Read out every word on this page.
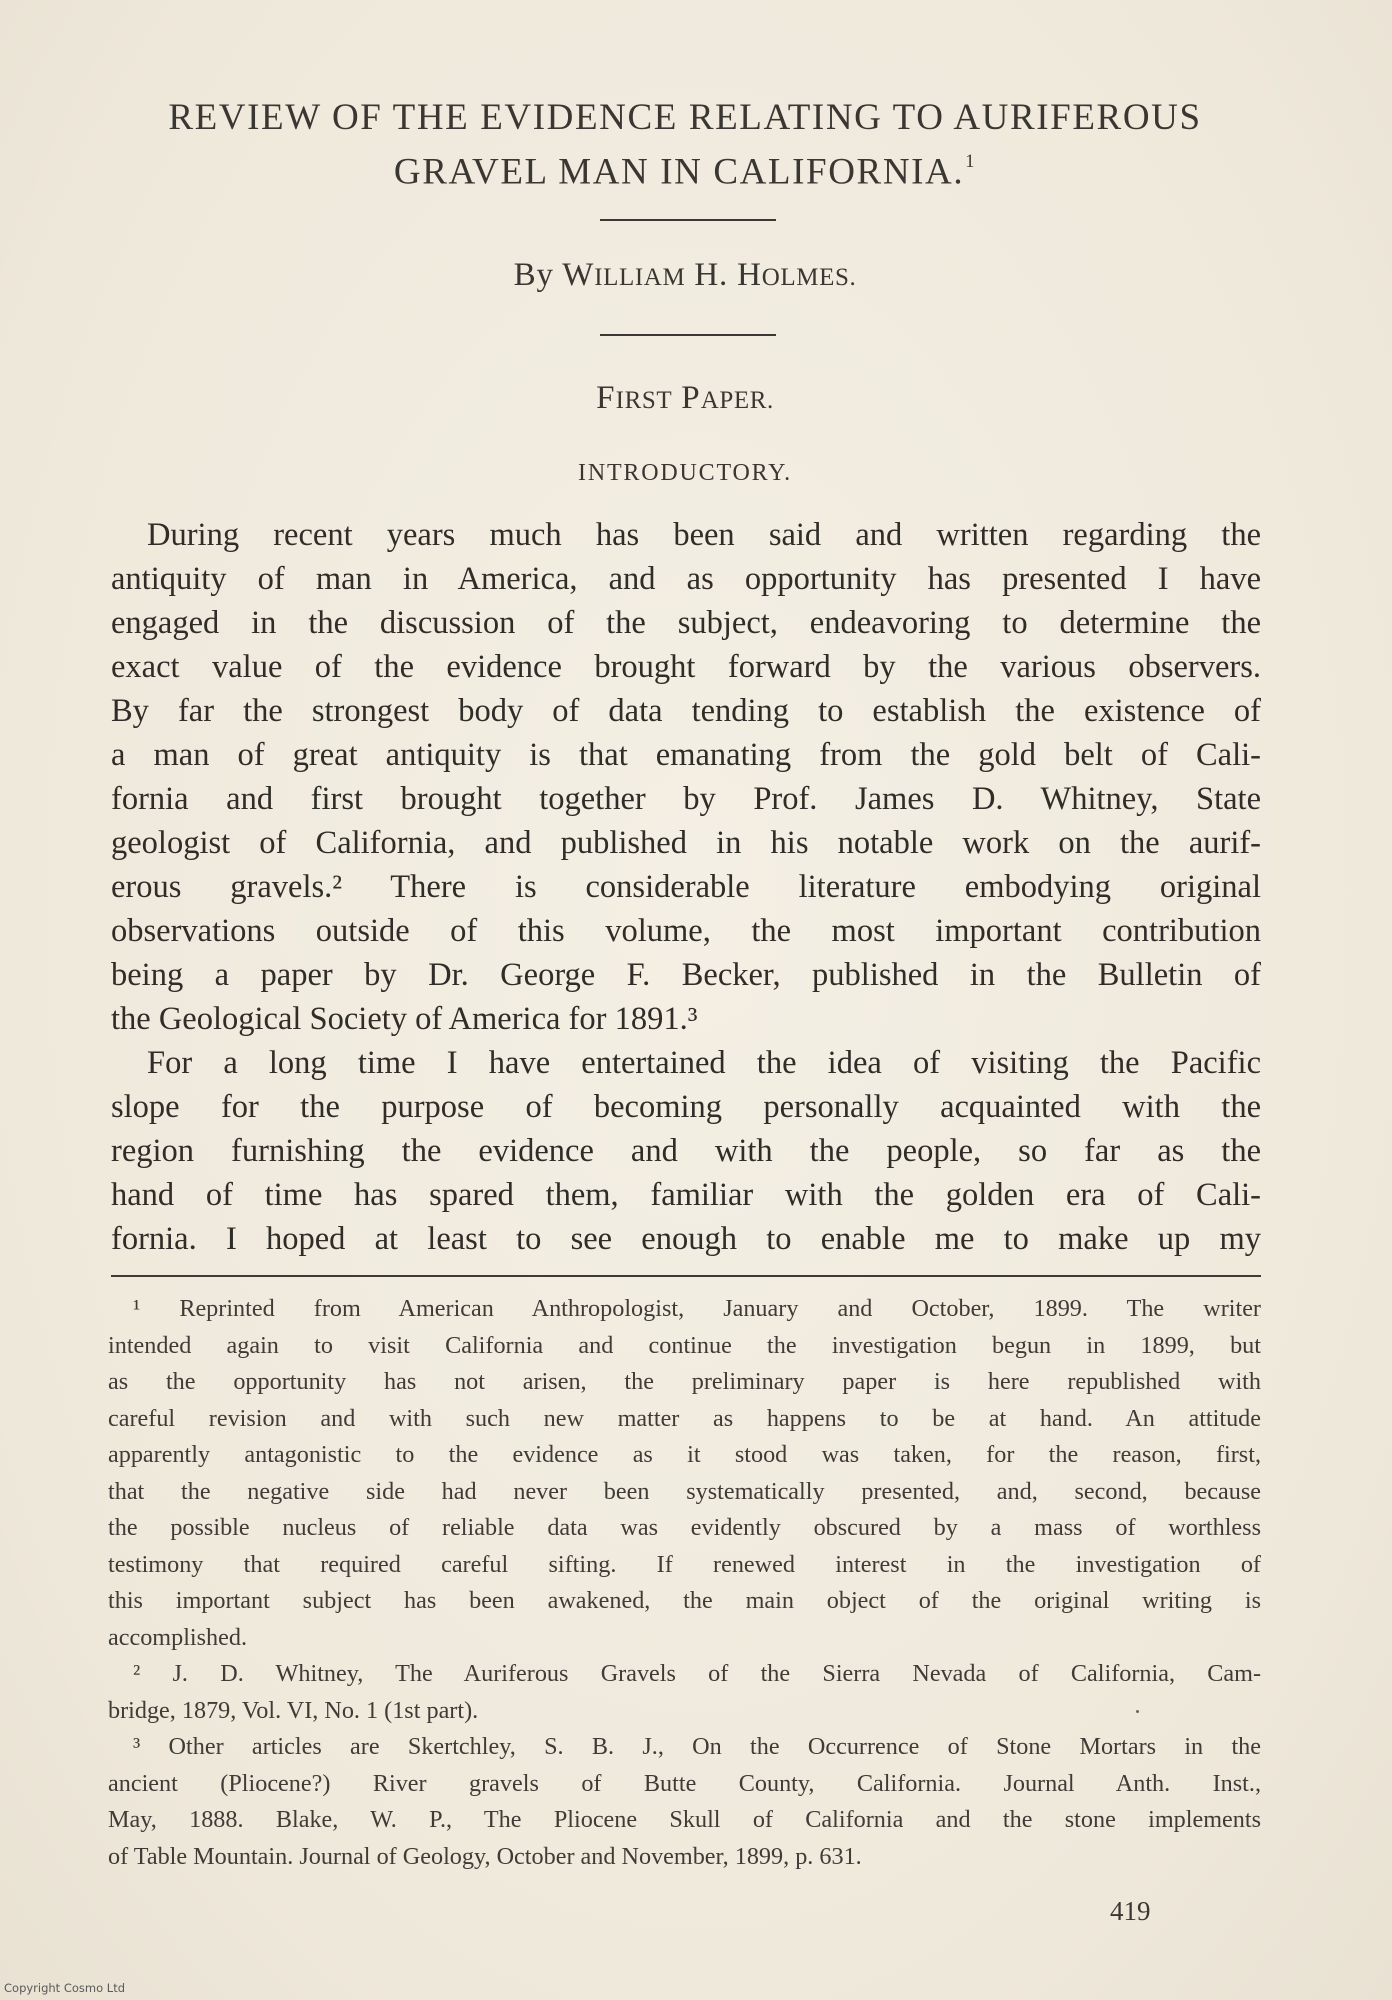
REVIEW OF THE EVIDENCE RELATING TO AURIFEROUS
GRAVEL MAN IN CALIFORNIA.$^1$

By WILLIAM H. HOLMES.

FIRST PAPER.

INTRODUCTORY.

During recent years much has been said and written regarding the
antiquity of man in America, and as opportunity has presented I have
engaged in the discussion of the subject, endeavoring to determine the
exact value of the evidence brought forward by the various observers.
By far the strongest body of data tending to establish the existence of
a man of great antiquity is that emanating from the gold belt of Cali-
fornia and first brought together by Prof. James D. Whitney, State
geologist of California, and published in his notable work on the aurif-
erous gravels.² There is considerable literature embodying original
observations outside of this volume, the most important contribution
being a paper by Dr. George F. Becker, published in the Bulletin of
the Geological Society of America for 1891.³
For a long time I have entertained the idea of visiting the Pacific
slope for the purpose of becoming personally acquainted with the
region furnishing the evidence and with the people, so far as the
hand of time has spared them, familiar with the golden era of Cali-
fornia. I hoped at least to see enough to enable me to make up my
¹ Reprinted from American Anthropologist, January and October, 1899. The writer
intended again to visit California and continue the investigation begun in 1899, but
as the opportunity has not arisen, the preliminary paper is here republished with
careful revision and with such new matter as happens to be at hand. An attitude
apparently antagonistic to the evidence as it stood was taken, for the reason, first,
that the negative side had never been systematically presented, and, second, because
the possible nucleus of reliable data was evidently obscured by a mass of worthless
testimony that required careful sifting. If renewed interest in the investigation of
this important subject has been awakened, the main object of the original writing is
accomplished.
² J. D. Whitney, The Auriferous Gravels of the Sierra Nevada of California, Cam-
bridge, 1879, Vol. VI, No. 1 (1st part).
³ Other articles are Skertchley, S. B. J., On the Occurrence of Stone Mortars in the
ancient (Pliocene?) River gravels of Butte County, California. Journal Anth. Inst.,
May, 1888. Blake, W. P., The Pliocene Skull of California and the stone implements
of Table Mountain. Journal of Geology, October and November, 1899, p. 631.

419

Copyright Cosmo Ltd
